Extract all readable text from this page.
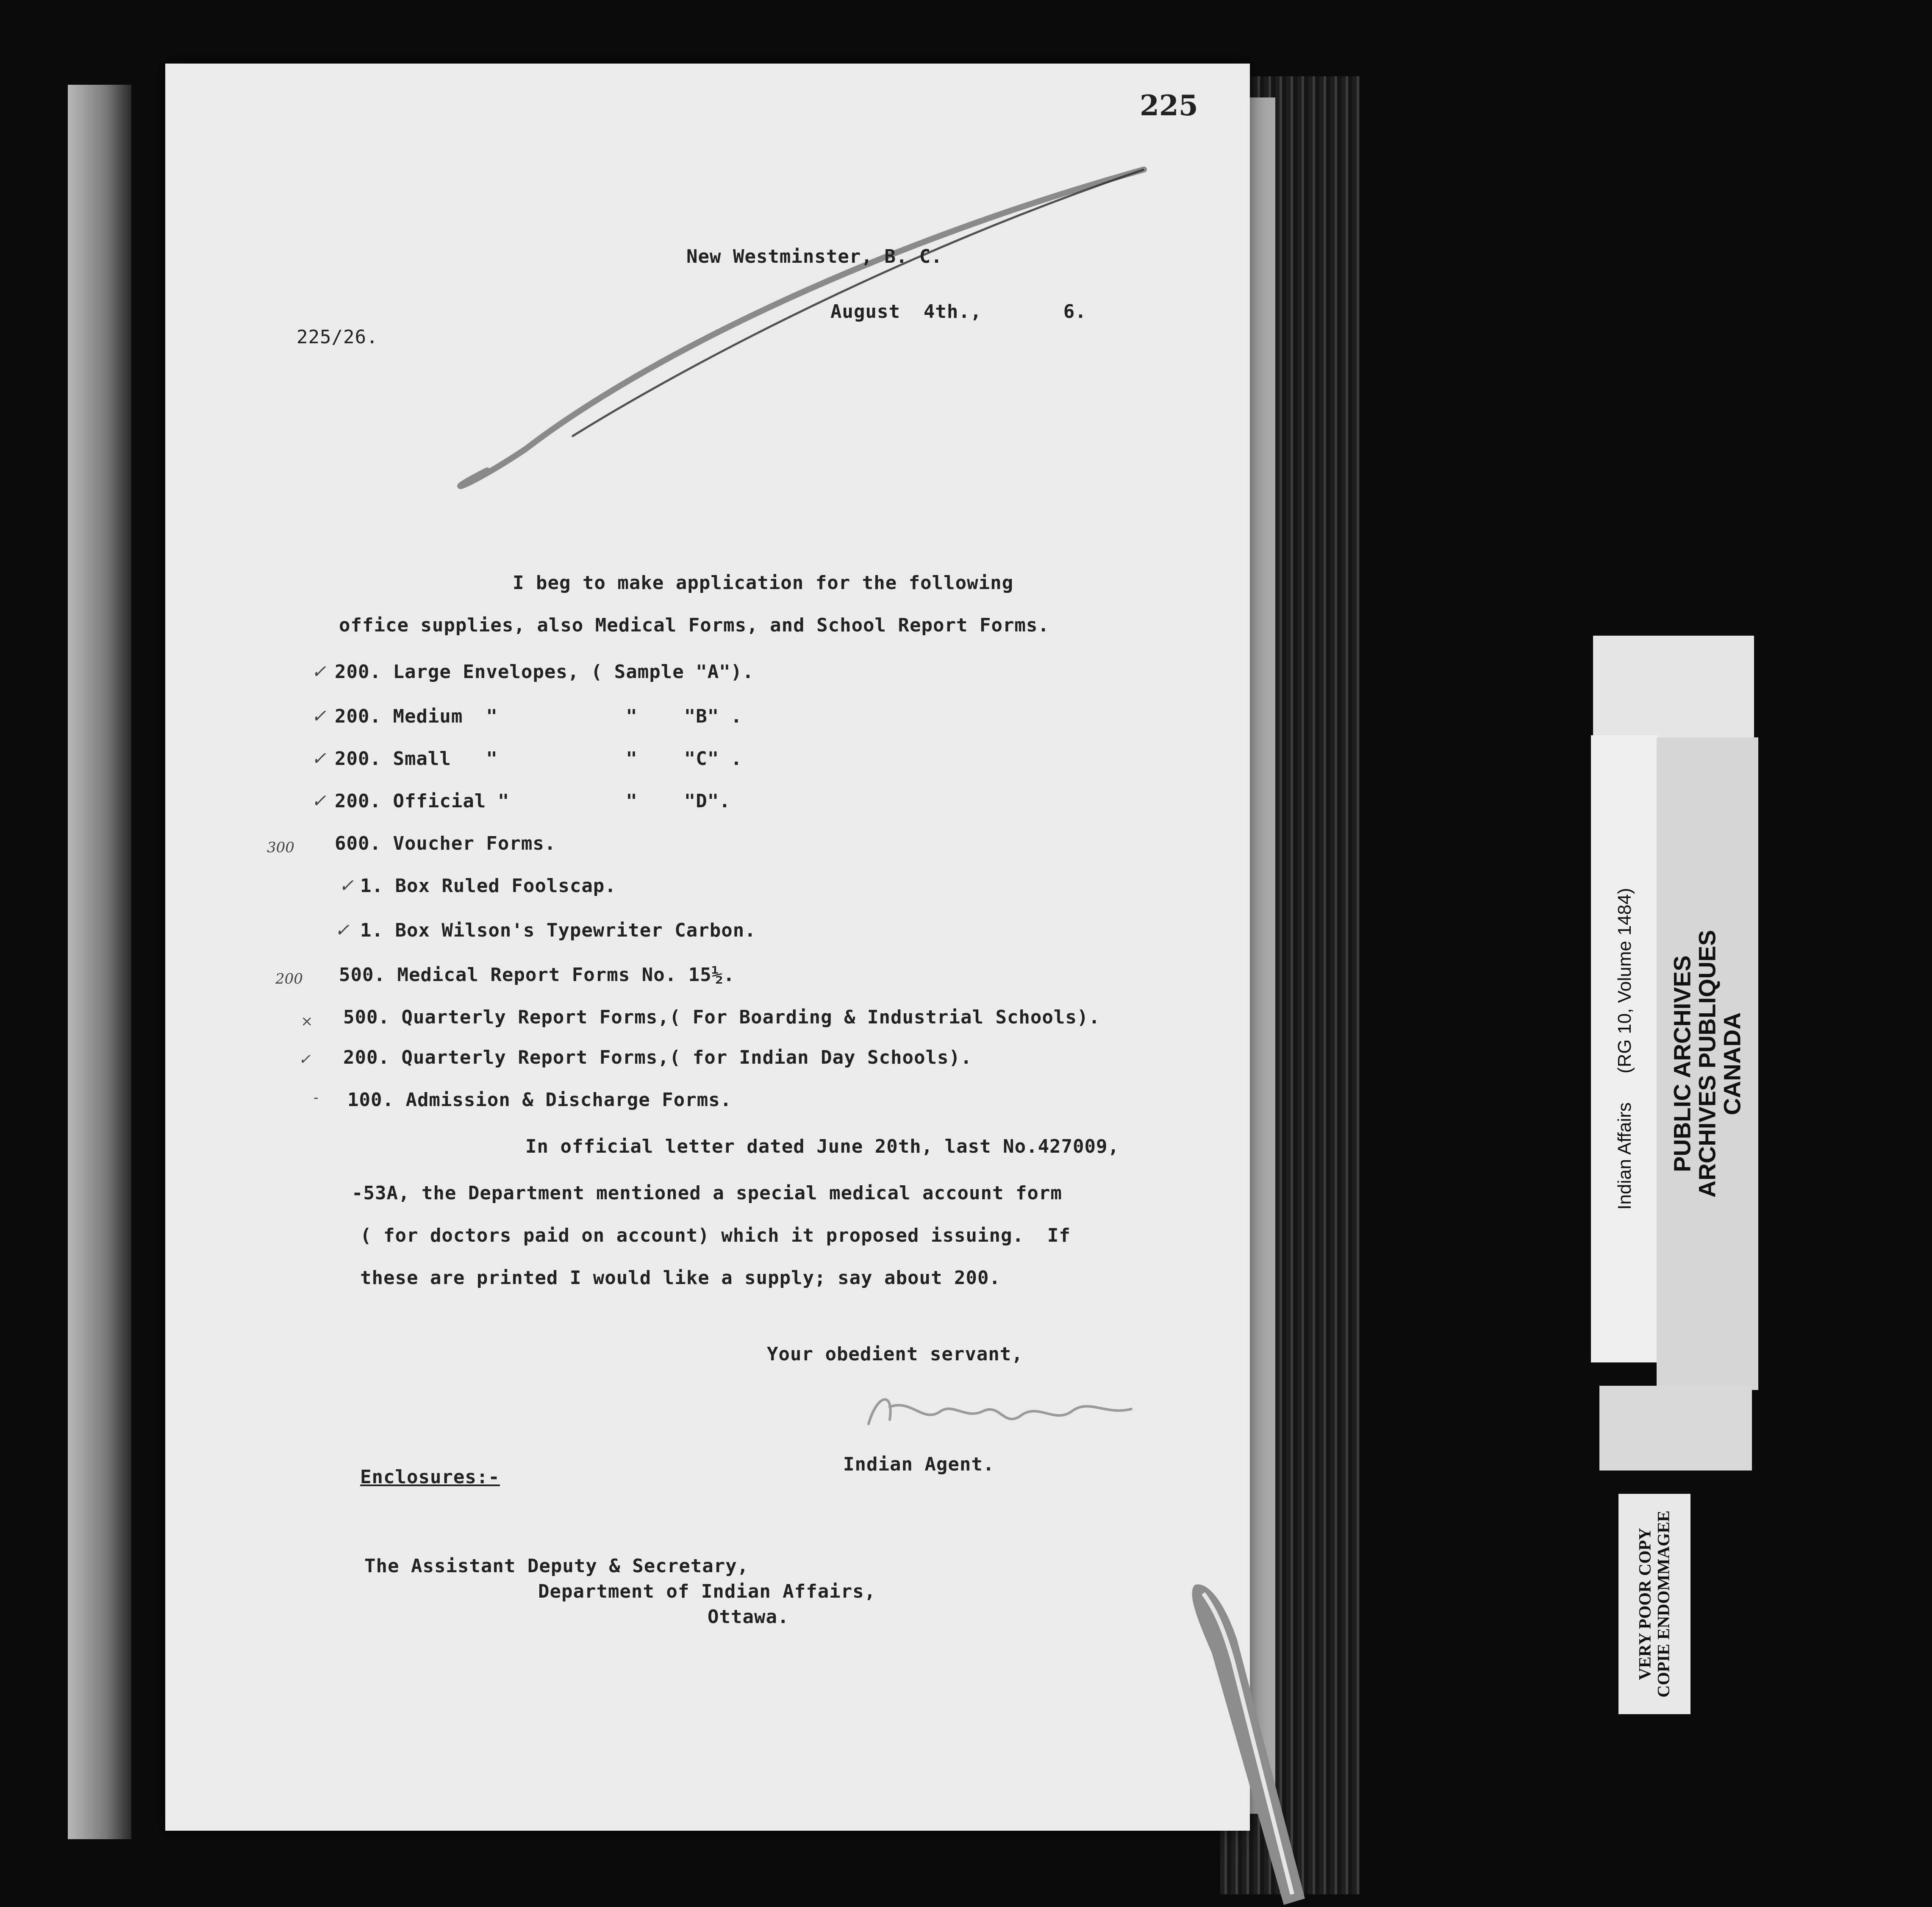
225
New Westminster, B. C.
August  4th.,       6.
225/26.
I beg to make application for the following
office supplies, also Medical Forms, and School Report Forms.
✓ 200. Large Envelopes, ( Sample "A").
✓ 200. Medium  "           "    "B" .
✓ 200. Small   "           "    "C" .
✓ 200. Official "          "    "D".
300 600. Voucher Forms.
✓ 1. Box Ruled Foolscap.
✓ 1. Box Wilson's Typewriter Carbon.
200 500. Medical Report Forms No. 15½.
× 500. Quarterly Report Forms,( For Boarding & Industrial Schools).
✓ 200. Quarterly Report Forms,( for Indian Day Schools).
- 100. Admission & Discharge Forms.
In official letter dated June 20th, last No.427009,
-53A, the Department mentioned a special medical account form
( for doctors paid on account) which it proposed issuing.  If
these are printed I would like a supply; say about 200.
Your obedient servant,
Indian Agent.
Enclosures:-
The Assistant Deputy & Secretary,
Department of Indian Affairs,
Ottawa.
Indian Affairs      (RG 10, Volume 1484) PUBLIC ARCHIVES
ARCHIVES PUBLIQUES
CANADA
VERY POOR COPY COPIE ENDOMMAGEE
